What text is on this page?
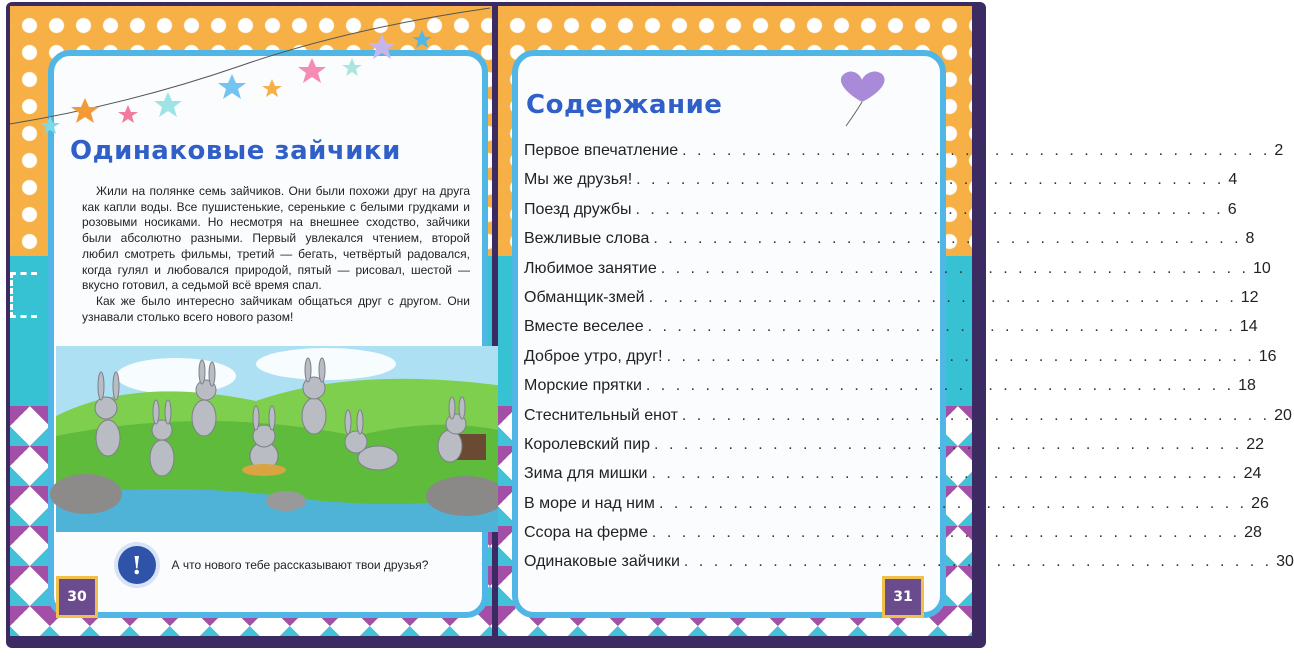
Одинаковые зайчики

Жили на полянке семь зайчиков. Они были похожи друг на друга как капли воды. Все пушистенькие, серенькие с белыми грудками и розовыми носиками. Но несмотря на внешнее сходство, зайчики были абсолютно разными. Первый увлекался чтением, второй любил смотреть фильмы, третий — бегать, четвёртый радовался, когда гулял и любовался природой, пятый — рисовал, шестой — вкусно готовил, а седьмой всё время спал.

Как же было интересно зайчикам общаться друг с другом. Они узнавали столько всего нового разом!

! А что нового тебе рассказывают твои друзья?
30
Содержание
Первое впечатление . . . . . . . . . . . . . . . . . . . . . . . . . . . . . . . . . . . . . . . . 2
Мы же друзья! . . . . . . . . . . . . . . . . . . . . . . . . . . . . . . . . . . . . . . . . 4
Поезд дружбы . . . . . . . . . . . . . . . . . . . . . . . . . . . . . . . . . . . . . . . . 6
Вежливые слова . . . . . . . . . . . . . . . . . . . . . . . . . . . . . . . . . . . . . . . . 8
Любимое занятие . . . . . . . . . . . . . . . . . . . . . . . . . . . . . . . . . . . . . . . . 10
Обманщик-змей . . . . . . . . . . . . . . . . . . . . . . . . . . . . . . . . . . . . . . . . 12
Вместе веселее . . . . . . . . . . . . . . . . . . . . . . . . . . . . . . . . . . . . . . . . 14
Доброе утро, друг! . . . . . . . . . . . . . . . . . . . . . . . . . . . . . . . . . . . . . . . . 16
Морские прятки . . . . . . . . . . . . . . . . . . . . . . . . . . . . . . . . . . . . . . . . 18
Стеснительный енот . . . . . . . . . . . . . . . . . . . . . . . . . . . . . . . . . . . . . . . . 20
Королевский пир . . . . . . . . . . . . . . . . . . . . . . . . . . . . . . . . . . . . . . . . 22
Зима для мишки . . . . . . . . . . . . . . . . . . . . . . . . . . . . . . . . . . . . . . . . 24
В море и над ним . . . . . . . . . . . . . . . . . . . . . . . . . . . . . . . . . . . . . . . . 26
Ссора на ферме . . . . . . . . . . . . . . . . . . . . . . . . . . . . . . . . . . . . . . . . 28
Одинаковые зайчики . . . . . . . . . . . . . . . . . . . . . . . . . . . . . . . . . . . . . . . . 30
31
